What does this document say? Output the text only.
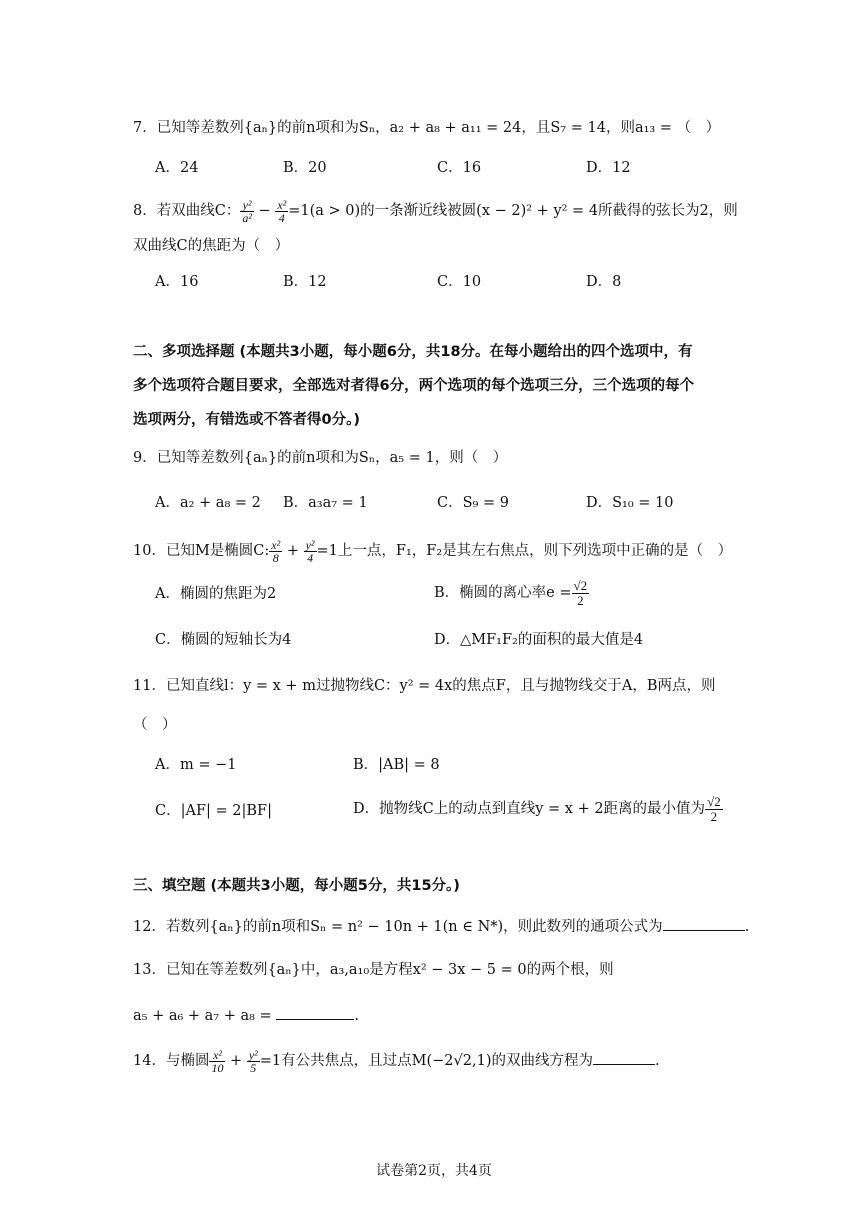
7．已知等差数列{aₙ}的前n项和为Sₙ，a₂ + a₈ + a₁₁ = 24，且S₇ = 14，则a₁₃ = （　）
A．24	B．20	C．16	D．12
8．若双曲线C： $\frac{\text{y²}}{\text{a²}} - \frac{\text{x²}}{4} =1(a > 0)$的一条渐近线被圆(x − 2)² + y² = 4所截得的弦长为2，则
双曲线C的焦距为（　）
A．16	B．12	C．10	D．8
二、多项选择题 (本题共3小题，每小题6分，共18分。在每小题给出的四个选项中，有
多个选项符合题目要求，全部选对者得6分，两个选项的每个选项三分，三个选项的每个
选项两分，有错选或不答者得0分。)
9．已知等差数列{aₙ}的前n项和为Sₙ，a₅ = 1，则（　）
A．a₂ + a₈ = 2 B．a₃a₇ = 1	C．S₉ = 9	D．S₁₀ = 10
10．已知M是椭圆C: $\frac{\text{x²}}{8} + \frac{\text{y²}}{4} =1$上一点，F₁，F₂是其左右焦点，则下列选项中正确的是（　）
A．椭圆的焦距为2	B．椭圆的离心率$e = \frac{√2}{2}$
C．椭圆的短轴长为4	D．△MF₁F₂的面积的最大值是4
11．已知直线l：y = x + m过抛物线C：y² = 4x的焦点F，且与抛物线交于A，B两点，则
（　）
A．m = −1	B．|AB| = 8
C．|AF| = 2|BF|	D．抛物线C上的动点到直线y = x + 2距离的最小值为 $\frac{√2}{2}$
三、填空题 (本题共3小题，每小题5分，共15分。)
12．若数列{aₙ}的前n项和Sₙ = n² − 10n + 1(n ∈ N*)，则此数列的通项公式为	.
13．已知在等差数列{aₙ}中，a₃,a₁₀是方程x² − 3x − 5 = 0的两个根，则
a₅ + a₆ + a₇ + a₈ =	.
14．与椭圆 $\frac{\text{x²}}{10} + \frac{\text{y²}}{5} =1$有公共焦点，且过点M(−2√2,1)的双曲线方程为	.
试卷第2页，共4页
